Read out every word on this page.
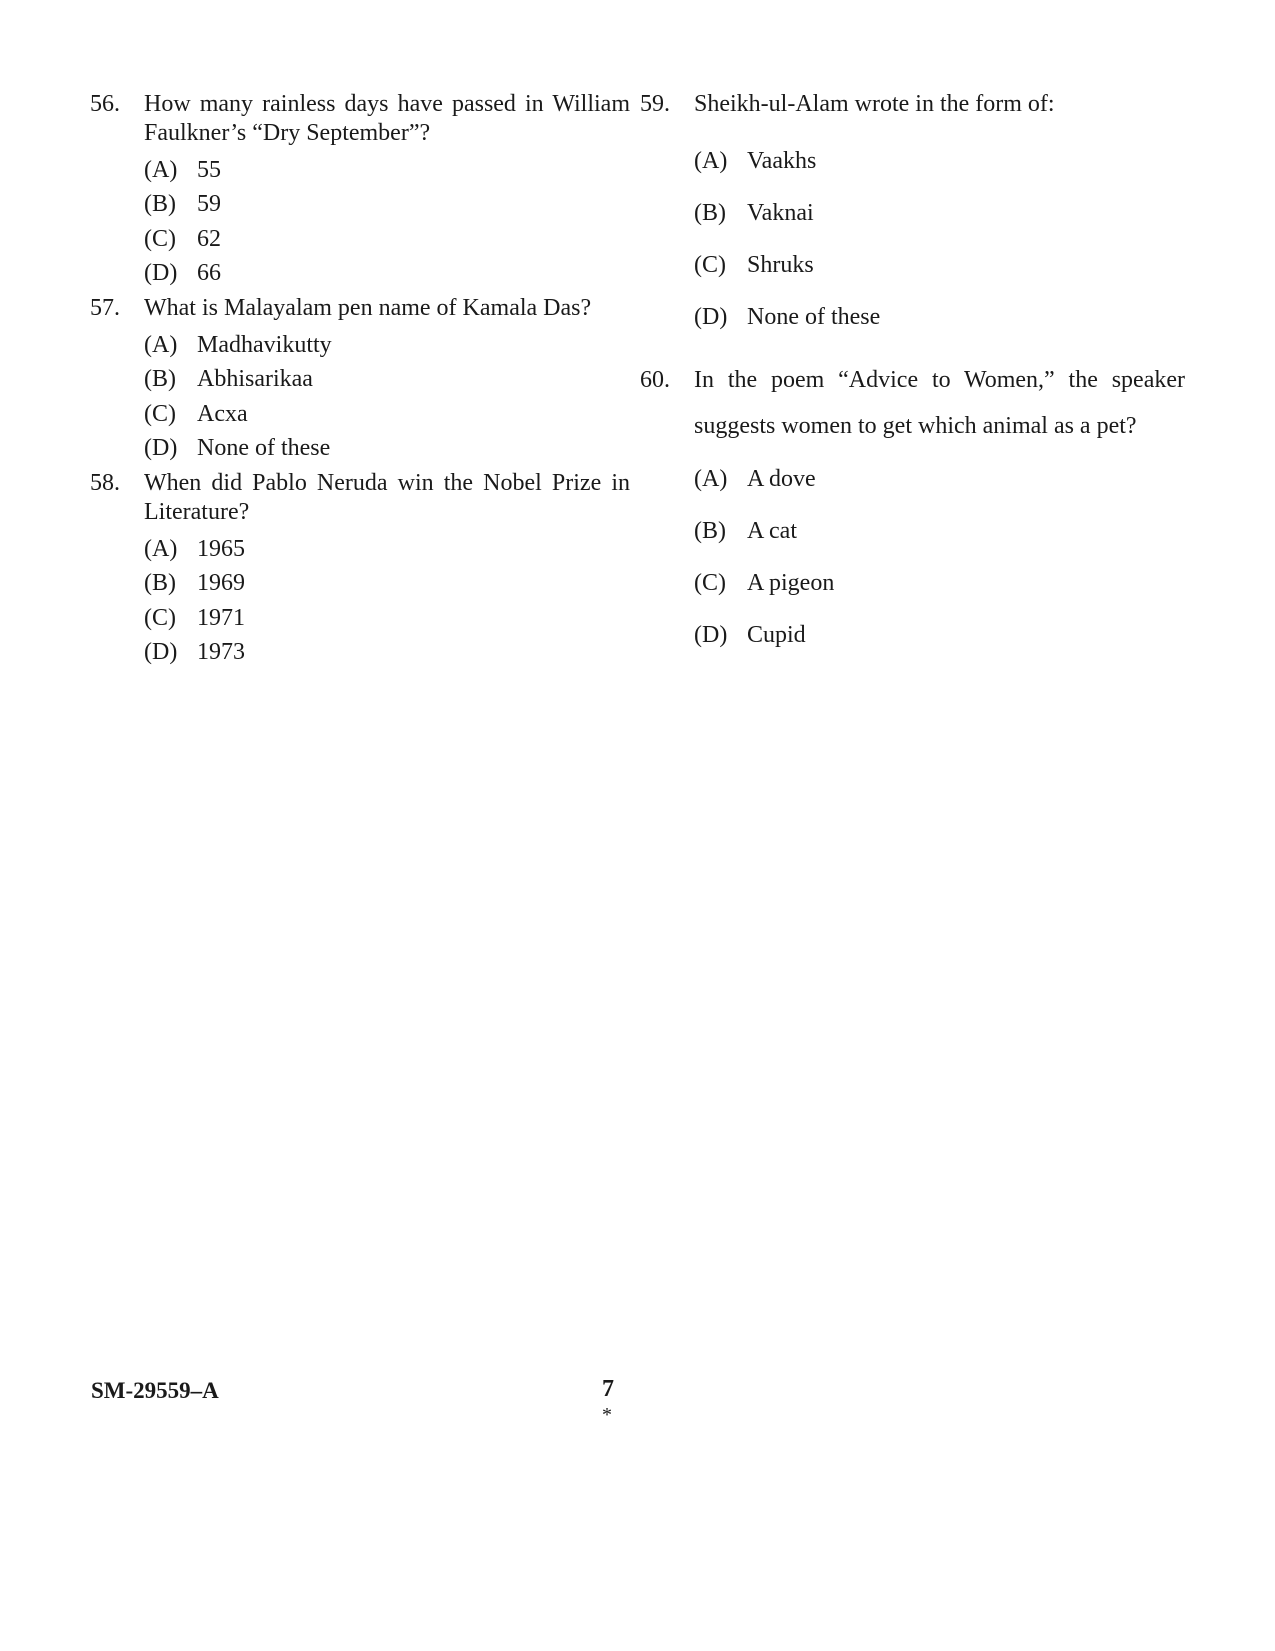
56.	How many rainless days have passed in William Faulkner’s “Dry September”?
(A) 55
(B) 59
(C) 62
(D) 66
57.	What is Malayalam pen name of Kamala Das?
(A) Madhavikutty
(B) Abhisarikaa
(C) Acxa
(D) None of these
58.	When did Pablo Neruda win the Nobel Prize in Literature?
(A) 1965
(B) 1969
(C) 1971
(D) 1973
59.	Sheikh-ul-Alam wrote in the form of:
(A) Vaakhs
(B) Vaknai
(C) Shruks
(D) None of these
60.	In the poem “Advice to Women,” the speaker suggests women to get which animal as a pet?
(A) A dove
(B) A cat
(C) A pigeon
(D) Cupid
SM-29559–A	7
*
